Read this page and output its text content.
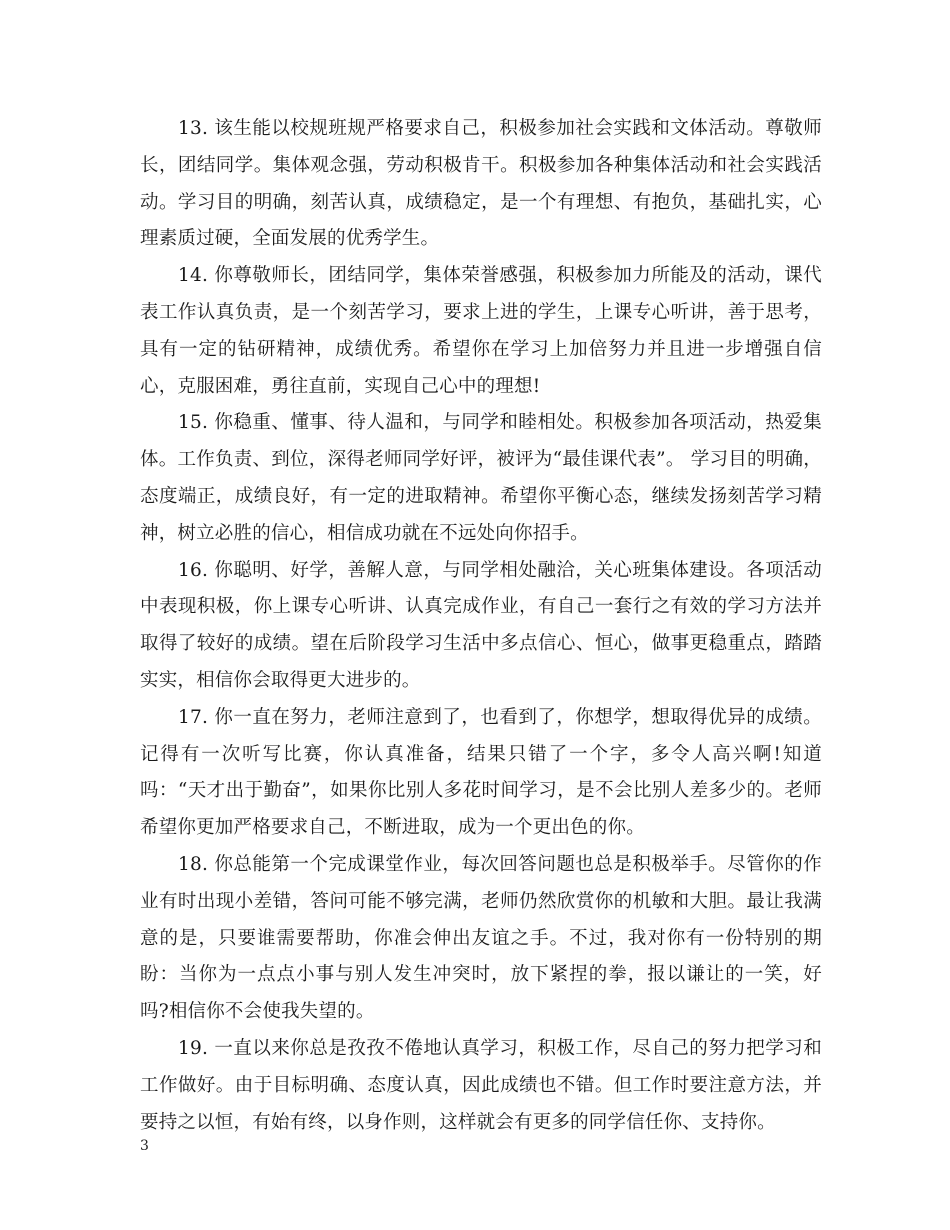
13. 该生能以校规班规严格要求自己，积极参加社会实践和文体活动。尊敬师长，团结同学。集体观念强，劳动积极肯干。积极参加各种集体活动和社会实践活动。学习目的明确，刻苦认真，成绩稳定，是一个有理想、有抱负，基础扎实，心理素质过硬，全面发展的优秀学生。

14. 你尊敬师长，团结同学，集体荣誉感强，积极参加力所能及的活动，课代表工作认真负责，是一个刻苦学习，要求上进的学生，上课专心听讲，善于思考，具有一定的钻研精神，成绩优秀。希望你在学习上加倍努力并且进一步增强自信心，克服困难，勇往直前，实现自己心中的理想!

15. 你稳重、懂事、待人温和，与同学和睦相处。积极参加各项活动，热爱集体。工作负责、到位，深得老师同学好评，被评为“最佳课代表”。 学习目的明确，态度端正，成绩良好，有一定的进取精神。希望你平衡心态，继续发扬刻苦学习精神，树立必胜的信心，相信成功就在不远处向你招手。

16. 你聪明、好学，善解人意，与同学相处融洽，关心班集体建设。各项活动中表现积极，你上课专心听讲、认真完成作业，有自己一套行之有效的学习方法并取得了较好的成绩。望在后阶段学习生活中多点信心、恒心，做事更稳重点，踏踏实实，相信你会取得更大进步的。

17. 你一直在努力，老师注意到了，也看到了，你想学，想取得优异的成绩。记得有一次听写比赛，你认真准备，结果只错了一个字，多令人高兴啊!知道吗：“天才出于勤奋”，如果你比别人多花时间学习，是不会比别人差多少的。老师希望你更加严格要求自己，不断进取，成为一个更出色的你。

18. 你总能第一个完成课堂作业，每次回答问题也总是积极举手。尽管你的作业有时出现小差错，答问可能不够完满，老师仍然欣赏你的机敏和大胆。最让我满意的是，只要谁需要帮助，你准会伸出友谊之手。不过，我对你有一份特别的期盼：当你为一点点小事与别人发生冲突时，放下紧捏的拳，报以谦让的一笑，好吗?相信你不会使我失望的。

19. 一直以来你总是孜孜不倦地认真学习，积极工作，尽自己的努力把学习和工作做好。由于目标明确、态度认真，因此成绩也不错。但工作时要注意方法，并要持之以恒，有始有终，以身作则，这样就会有更多的同学信任你、支持你。

3
